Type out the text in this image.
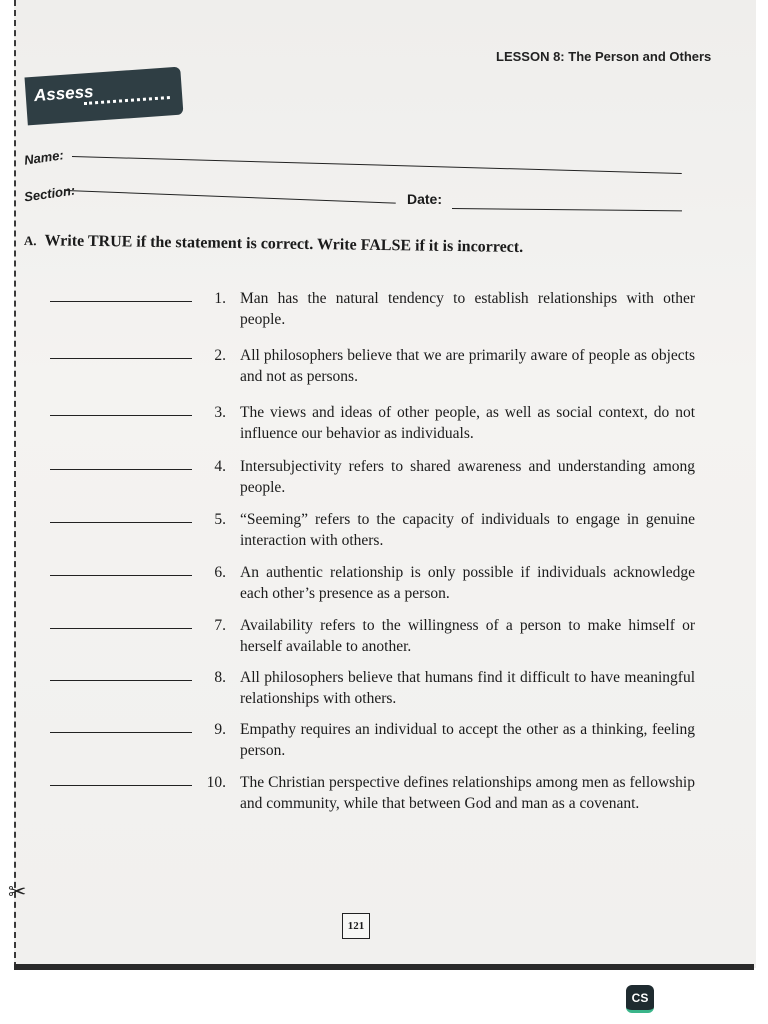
LESSON 8: The Person and Others
Assess
Name:
Section:	Date:
A. Write TRUE if the statement is correct. Write FALSE if it is incorrect.
1. Man has the natural tendency to establish relationships with other people.
2. All philosophers believe that we are primarily aware of people as objects and not as persons.
3. The views and ideas of other people, as well as social context, do not influence our behavior as individuals.
4. Intersubjectivity refers to shared awareness and understanding among people.
5. “Seeming” refers to the capacity of individuals to engage in genuine interaction with others.
6. An authentic relationship is only possible if individuals acknowledge each other’s presence as a person.
7. Availability refers to the willingness of a person to make himself or herself available to another.
8. All philosophers believe that humans find it difficult to have meaningful relationships with others.
9. Empathy requires an individual to accept the other as a thinking, feeling person.
10. The Christian perspective defines relationships among men as fellowship and community, while that between God and man as a covenant.
121
✂
CS
